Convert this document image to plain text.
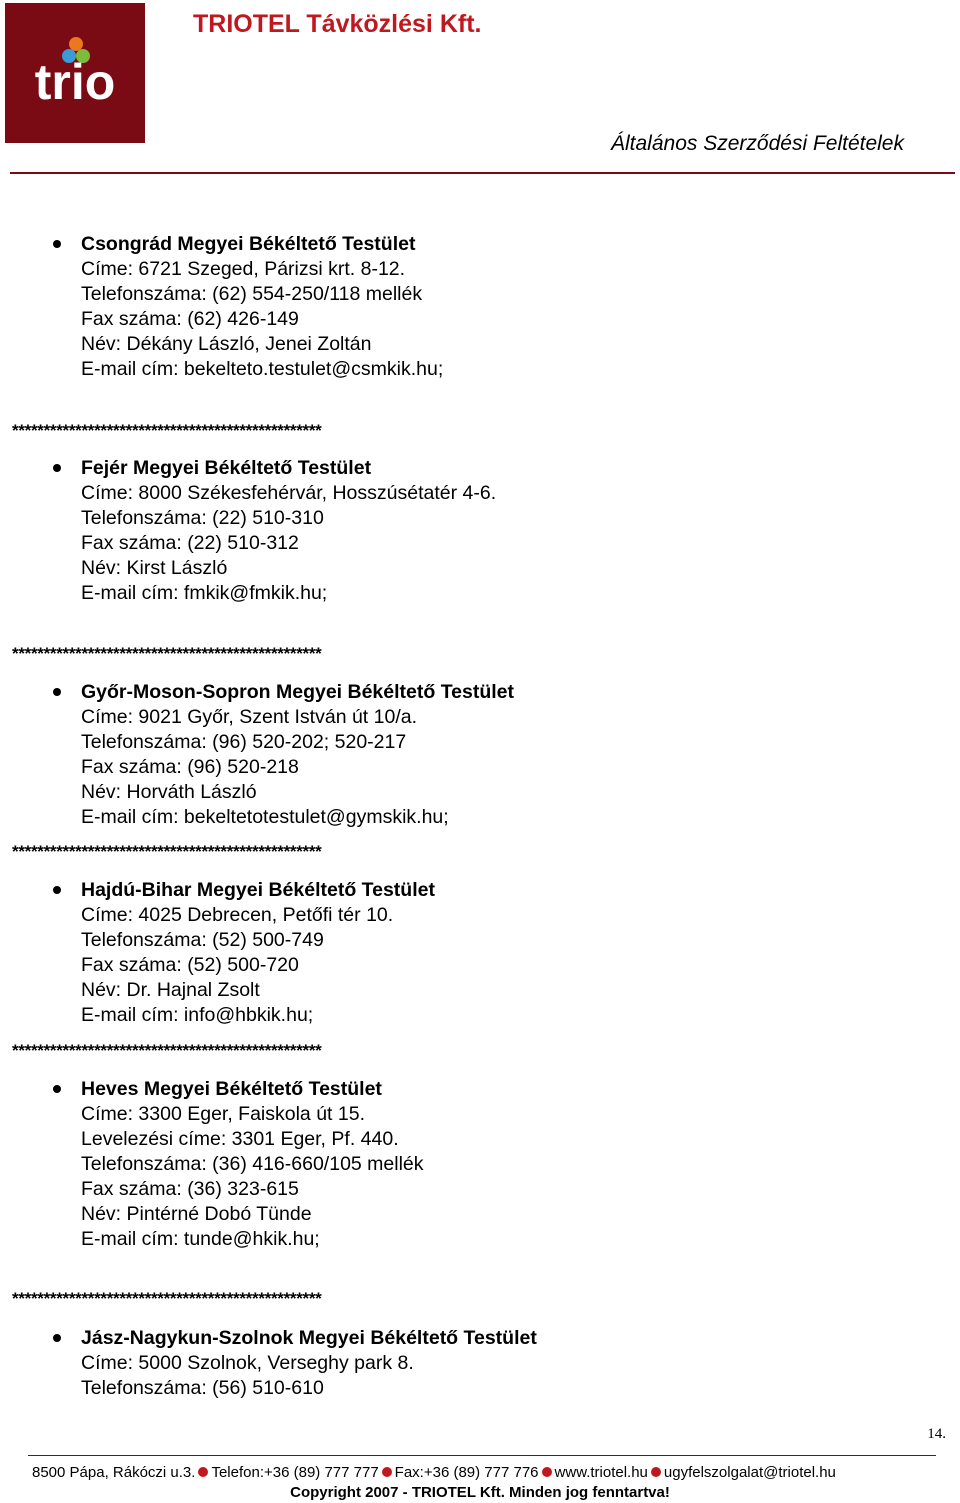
trio
TRIOTEL Távközlési Kft.
Általános Szerződési Feltételek
Csongrád Megyei Békéltető Testület
Címe: 6721 Szeged, Párizsi krt. 8-12.
Telefonszáma: (62) 554-250/118 mellék
Fax száma: (62) 426-149
Név: Dékány László, Jenei Zoltán
E-mail cím: bekelteto.testulet@csmkik.hu;
Fejér Megyei Békéltető Testület
Címe: 8000 Székesfehérvár, Hosszúsétatér 4-6.
Telefonszáma: (22) 510-310
Fax száma: (22) 510-312
Név: Kirst László
E-mail cím: fmkik@fmkik.hu;
Győr-Moson-Sopron Megyei Békéltető Testület
Címe: 9021 Győr, Szent István út 10/a.
Telefonszáma: (96) 520-202; 520-217
Fax száma: (96) 520-218
Név: Horváth László
E-mail cím: bekeltetotestulet@gymskik.hu;
Hajdú-Bihar Megyei Békéltető Testület
Címe: 4025 Debrecen, Petőfi tér 10.
Telefonszáma: (52) 500-749
Fax száma: (52) 500-720
Név: Dr. Hajnal Zsolt
E-mail cím: info@hbkik.hu;
Heves Megyei Békéltető Testület
Címe: 3300 Eger, Faiskola út 15.
Levelezési címe: 3301 Eger, Pf. 440.
Telefonszáma: (36) 416-660/105 mellék
Fax száma: (36) 323-615
Név: Pintérné Dobó Tünde
E-mail cím: tunde@hkik.hu;
Jász-Nagykun-Szolnok Megyei Békéltető Testület
Címe: 5000 Szolnok, Verseghy park 8.
Telefonszáma: (56) 510-610
*************************************************
*************************************************
*************************************************
*************************************************
*************************************************
14.
8500 Pápa, Rákóczi u.3. Telefon:+36 (89) 777 777 Fax:+36 (89) 777 776 www.triotel.hu ugyfelszolgalat@triotel.hu
Copyright 2007 - TRIOTEL Kft. Minden jog fenntartva!
